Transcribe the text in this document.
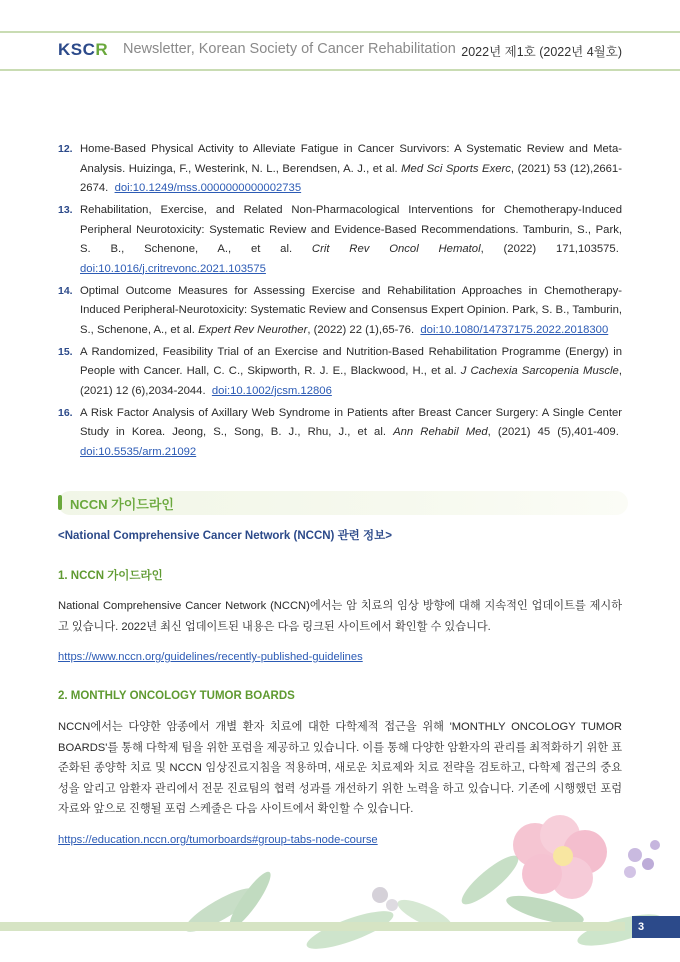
KSCR Newsletter, Korean Society of Cancer Rehabilitation 2022년 제1호 (2022년 4월호)
12. Home-Based Physical Activity to Alleviate Fatigue in Cancer Survivors: A Systematic Review and Meta-Analysis. Huizinga, F., Westerink, N. L., Berendsen, A. J., et al. Med Sci Sports Exerc, (2021) 53 (12),2661-2674. doi:10.1249/mss.0000000000002735
13. Rehabilitation, Exercise, and Related Non-Pharmacological Interventions for Chemotherapy-Induced Peripheral Neurotoxicity: Systematic Review and Evidence-Based Recommendations. Tamburin, S., Park, S. B., Schenone, A., et al. Crit Rev Oncol Hematol, (2022) 171,103575.  doi:10.1016/j.critrevonc.2021.103575
14. Optimal Outcome Measures for Assessing Exercise and Rehabilitation Approaches in Chemotherapy-Induced Peripheral-Neurotoxicity: Systematic Review and Consensus Expert Opinion. Park, S. B., Tamburin, S., Schenone, A., et al. Expert Rev Neurother, (2022) 22 (1),65-76. doi:10.1080/14737175.2022.2018300
15. A Randomized, Feasibility Trial of an Exercise and Nutrition-Based Rehabilitation Programme (Energy) in People with Cancer. Hall, C. C., Skipworth, R. J. E., Blackwood, H., et al. J Cachexia Sarcopenia Muscle, (2021) 12 (6),2034-2044. doi:10.1002/jcsm.12806
16. A Risk Factor Analysis of Axillary Web Syndrome in Patients after Breast Cancer Surgery: A Single Center Study in Korea. Jeong, S., Song, B. J., Rhu, J., et al. Ann Rehabil Med, (2021) 45 (5),401-409.  doi:10.5535/arm.21092
NCCN 가이드라인
<National Comprehensive Cancer Network (NCCN) 관련 정보>
1. NCCN 가이드라인
National Comprehensive Cancer Network (NCCN)에서는 암 치료의 임상 방향에 대해 지속적인 업데이트를 제시하고 있습니다. 2022년 최신 업데이트된 내용은 다음 링크된 사이트에서 확인할 수 있습니다.
https://www.nccn.org/guidelines/recently-published-guidelines
2. MONTHLY ONCOLOGY TUMOR BOARDS
NCCN에서는 다양한 암종에서 개별 환자 치료에 대한 다학제적 접근을 위해 'MONTHLY ONCOLOGY TUMOR BOARDS'를 통해 다학제 팀을 위한 포럼을 제공하고 있습니다. 이를 통해 다양한 암환자의 관리를 최적화하기 위한 표준화된 종양학 치료 및 NCCN 임상진료지침을 적용하며, 새로운 치료제와 치료 전략을 검토하고, 다학제 접근의 중요성을 알리고 암환자 관리에서 전문 진료팀의 협력 성과를 개선하기 위한 노력을 하고 있습니다. 기존에 시행했던 포럼 자료와 앞으로 진행될 포럼 스케줄은 다음 사이트에서 확인할 수 있습니다.
https://education.nccn.org/tumorboards#group-tabs-node-course
3
